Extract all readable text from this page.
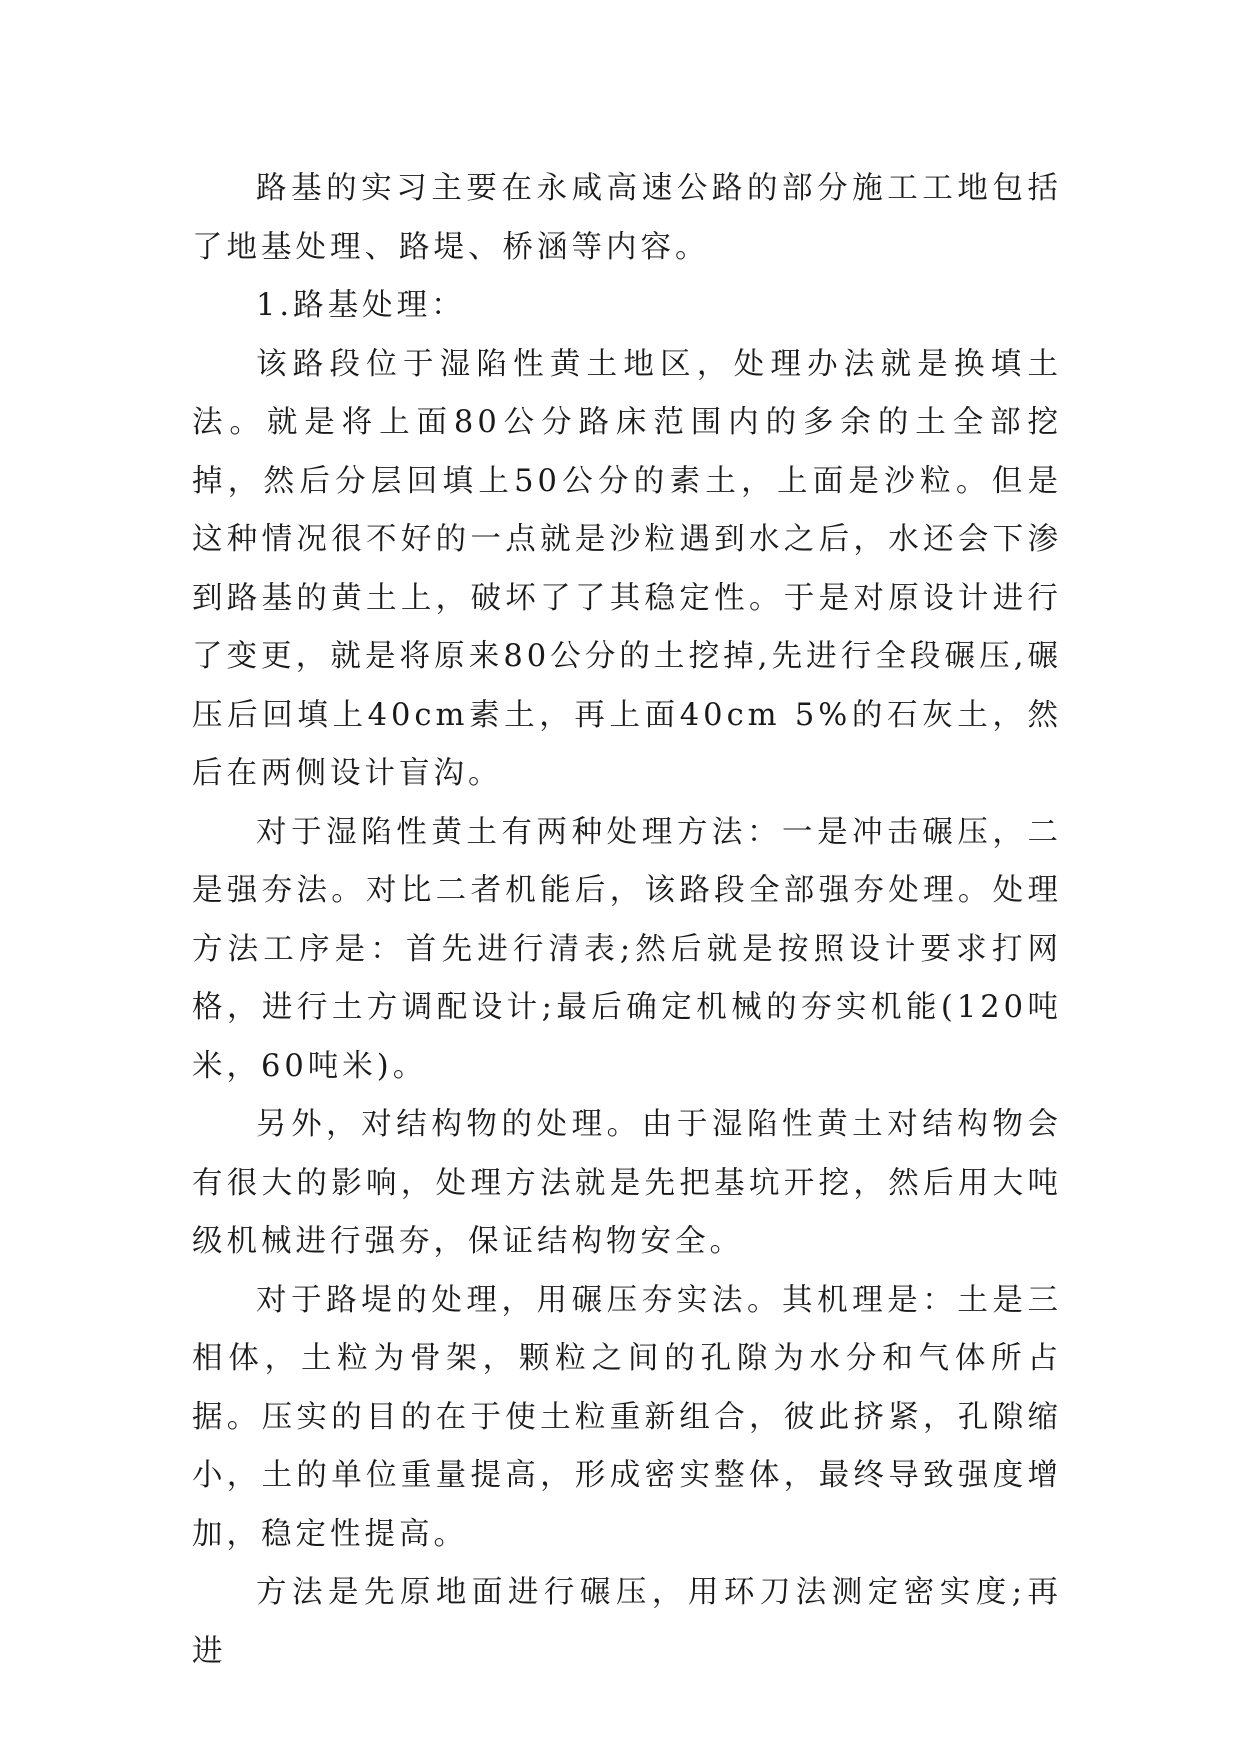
路基的实习主要在永咸高速公路的部分施工工地包括了地基处理、路堤、桥涵等内容。

1.路基处理：

该路段位于湿陷性黄土地区，处理办法就是换填土法。就是将上面80公分路床范围内的多余的土全部挖掉，然后分层回填上50公分的素土，上面是沙粒。但是这种情况很不好的一点就是沙粒遇到水之后，水还会下渗到路基的黄土上，破坏了了其稳定性。于是对原设计进行了变更，就是将原来80公分的土挖掉,先进行全段碾压,碾压后回填上40cm素土，再上面40cm 5%的石灰土，然后在两侧设计盲沟。

对于湿陷性黄土有两种处理方法：一是冲击碾压，二是强夯法。对比二者机能后，该路段全部强夯处理。处理方法工序是：首先进行清表;然后就是按照设计要求打网格，进行土方调配设计;最后确定机械的夯实机能(120吨米，60吨米)。

另外，对结构物的处理。由于湿陷性黄土对结构物会有很大的影响，处理方法就是先把基坑开挖，然后用大吨级机械进行强夯，保证结构物安全。

对于路堤的处理，用碾压夯实法。其机理是：土是三相体，土粒为骨架，颗粒之间的孔隙为水分和气体所占据。压实的目的在于使土粒重新组合，彼此挤紧，孔隙缩小，土的单位重量提高，形成密实整体，最终导致强度增加，稳定性提高。

方法是先原地面进行碾压，用环刀法测定密实度;再进
